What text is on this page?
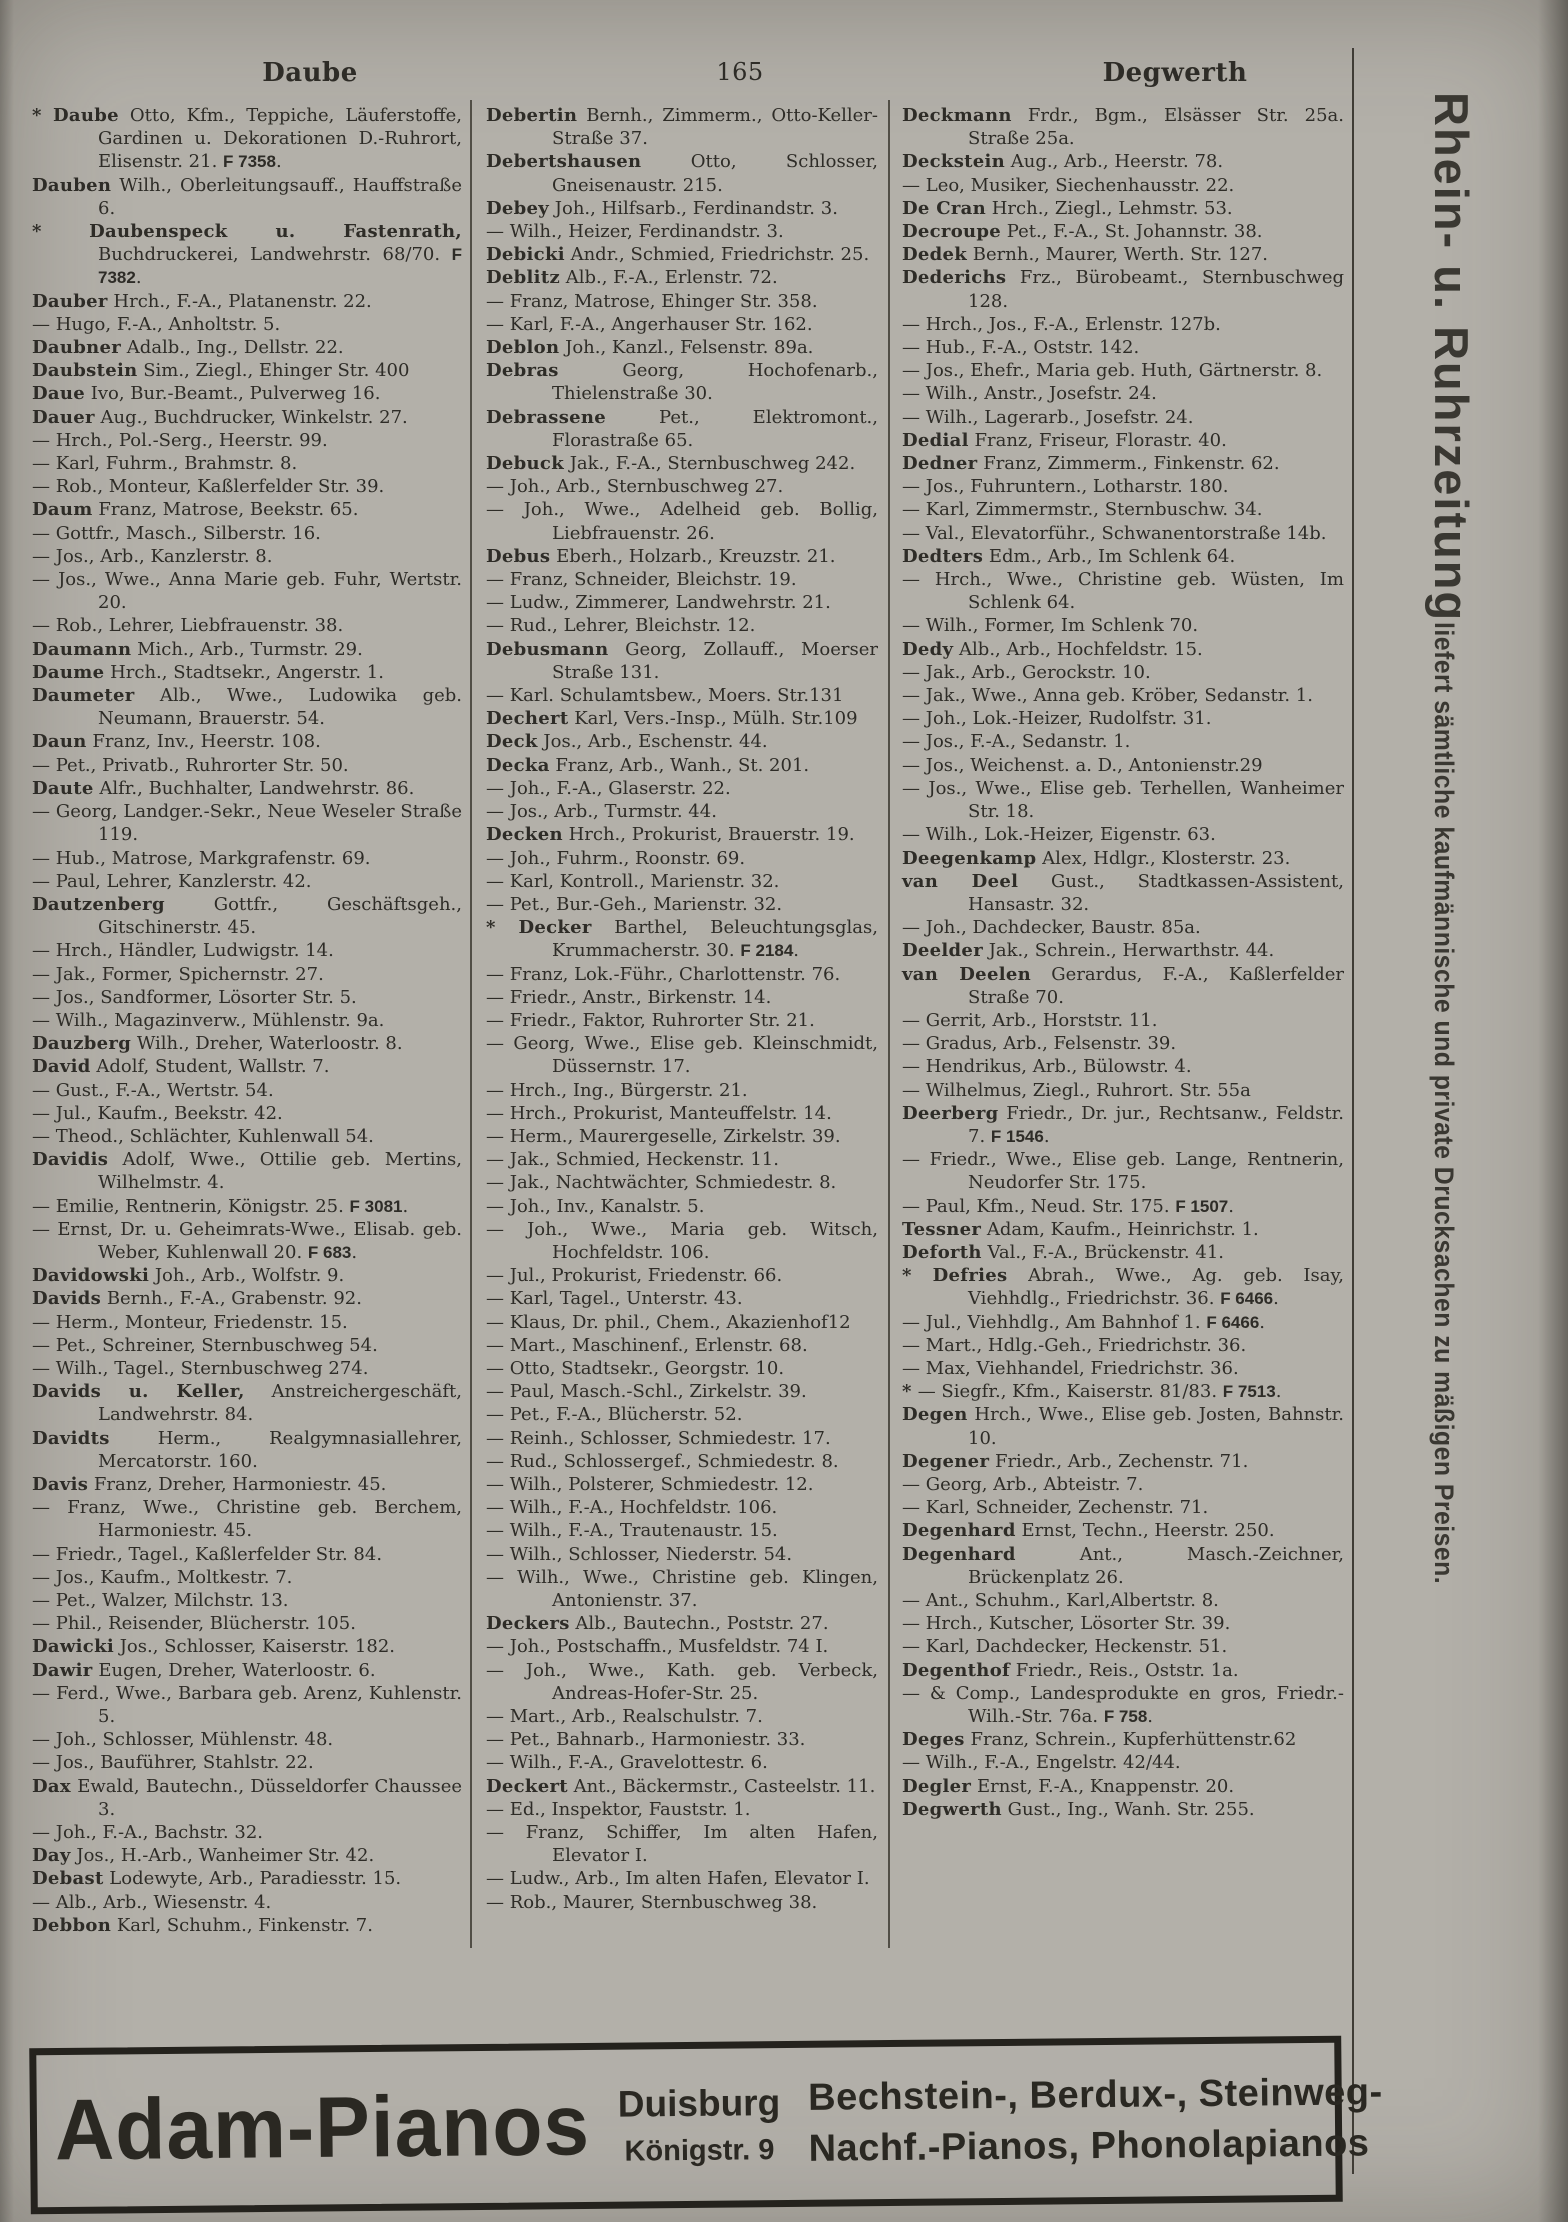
Daube	165	Degwerth

* Daube Otto, Kfm., Teppiche, Läuferstoffe, Gardinen u. Dekorationen D.-Ruhrort, Elisenstr. 21. F 7358.

Dauben Wilh., Oberleitungsauff., Hauffstraße 6.

* Daubenspeck u. Fastenrath, Buchdruckerei, Landwehrstr. 68/70. F 7382.

Dauber Hrch., F.-A., Platanenstr. 22.

— Hugo, F.-A., Anholtstr. 5.

Daubner Adalb., Ing., Dellstr. 22.

Daubstein Sim., Ziegl., Ehinger Str. 400

Daue Ivo, Bur.-Beamt., Pulverweg 16.

Dauer Aug., Buchdrucker, Winkelstr. 27.

— Hrch., Pol.-Serg., Heerstr. 99.

— Karl, Fuhrm., Brahmstr. 8.

— Rob., Monteur, Kaßlerfelder Str. 39.

Daum Franz, Matrose, Beekstr. 65.

— Gottfr., Masch., Silberstr. 16.

— Jos., Arb., Kanzlerstr. 8.

— Jos., Wwe., Anna Marie geb. Fuhr, Wertstr. 20.

— Rob., Lehrer, Liebfrauenstr. 38.

Daumann Mich., Arb., Turmstr. 29.

Daume Hrch., Stadtsekr., Angerstr. 1.

Daumeter Alb., Wwe., Ludowika geb. Neumann, Brauerstr. 54.

Daun Franz, Inv., Heerstr. 108.

— Pet., Privatb., Ruhrorter Str. 50.

Daute Alfr., Buchhalter, Landwehrstr. 86.

— Georg, Landger.-Sekr., Neue Weseler Straße 119.

— Hub., Matrose, Markgrafenstr. 69.

— Paul, Lehrer, Kanzlerstr. 42.

Dautzenberg Gottfr., Geschäftsgeh., Gitschinerstr. 45.

— Hrch., Händler, Ludwigstr. 14.

— Jak., Former, Spichernstr. 27.

— Jos., Sandformer, Lösorter Str. 5.

— Wilh., Magazinverw., Mühlenstr. 9a.

Dauzberg Wilh., Dreher, Waterloostr. 8.

David Adolf, Student, Wallstr. 7.

— Gust., F.-A., Wertstr. 54.

— Jul., Kaufm., Beekstr. 42.

— Theod., Schlächter, Kuhlenwall 54.

Davidis Adolf, Wwe., Ottilie geb. Mertins, Wilhelmstr. 4.

— Emilie, Rentnerin, Königstr. 25. F 3081.

— Ernst, Dr. u. Geheimrats-Wwe., Elisab. geb. Weber, Kuhlenwall 20. F 683.

Davidowski Joh., Arb., Wolfstr. 9.

Davids Bernh., F.-A., Grabenstr. 92.

— Herm., Monteur, Friedenstr. 15.

— Pet., Schreiner, Sternbuschweg 54.

— Wilh., Tagel., Sternbuschweg 274.

Davids u. Keller, Anstreichergeschäft, Landwehrstr. 84.

Davidts Herm., Realgymnasiallehrer, Mercatorstr. 160.

Davis Franz, Dreher, Harmoniestr. 45.

— Franz, Wwe., Christine geb. Berchem, Harmoniestr. 45.

— Friedr., Tagel., Kaßlerfelder Str. 84.

— Jos., Kaufm., Moltkestr. 7.

— Pet., Walzer, Milchstr. 13.

— Phil., Reisender, Blücherstr. 105.

Dawicki Jos., Schlosser, Kaiserstr. 182.

Dawir Eugen, Dreher, Waterloostr. 6.

— Ferd., Wwe., Barbara geb. Arenz, Kuhlenstr. 5.

— Joh., Schlosser, Mühlenstr. 48.

— Jos., Bauführer, Stahlstr. 22.

Dax Ewald, Bautechn., Düsseldorfer Chaussee 3.

— Joh., F.-A., Bachstr. 32.

Day Jos., H.-Arb., Wanheimer Str. 42.

Debast Lodewyte, Arb., Paradiesstr. 15.

— Alb., Arb., Wiesenstr. 4.

Debbon Karl, Schuhm., Finkenstr. 7.

Debertin Bernh., Zimmerm., Otto-Keller-Straße 37.

Debertshausen Otto, Schlosser, Gneisenaustr. 215.

Debey Joh., Hilfsarb., Ferdinandstr. 3.

— Wilh., Heizer, Ferdinandstr. 3.

Debicki Andr., Schmied, Friedrichstr. 25.

Deblitz Alb., F.-A., Erlenstr. 72.

— Franz, Matrose, Ehinger Str. 358.

— Karl, F.-A., Angerhauser Str. 162.

Deblon Joh., Kanzl., Felsenstr. 89a.

Debras Georg, Hochofenarb., Thielenstraße 30.

Debrassene Pet., Elektromont., Florastraße 65.

Debuck Jak., F.-A., Sternbuschweg 242.

— Joh., Arb., Sternbuschweg 27.

— Joh., Wwe., Adelheid geb. Bollig, Liebfrauenstr. 26.

Debus Eberh., Holzarb., Kreuzstr. 21.

— Franz, Schneider, Bleichstr. 19.

— Ludw., Zimmerer, Landwehrstr. 21.

— Rud., Lehrer, Bleichstr. 12.

Debusmann Georg, Zollauff., Moerser Straße 131.

— Karl. Schulamtsbew., Moers. Str.131

Dechert Karl, Vers.-Insp., Mülh. Str.109

Deck Jos., Arb., Eschenstr. 44.

Decka Franz, Arb., Wanh., St. 201.

— Joh., F.-A., Glaserstr. 22.

— Jos., Arb., Turmstr. 44.

Decken Hrch., Prokurist, Brauerstr. 19.

— Joh., Fuhrm., Roonstr. 69.

— Karl, Kontroll., Marienstr. 32.

— Pet., Bur.-Geh., Marienstr. 32.

* Decker Barthel, Beleuchtungsglas, Krummacherstr. 30. F 2184.

— Franz, Lok.-Führ., Charlottenstr. 76.

— Friedr., Anstr., Birkenstr. 14.

— Friedr., Faktor, Ruhrorter Str. 21.

— Georg, Wwe., Elise geb. Kleinschmidt, Düssernstr. 17.

— Hrch., Ing., Bürgerstr. 21.

— Hrch., Prokurist, Manteuffelstr. 14.

— Herm., Maurergeselle, Zirkelstr. 39.

— Jak., Schmied, Heckenstr. 11.

— Jak., Nachtwächter, Schmiedestr. 8.

— Joh., Inv., Kanalstr. 5.

— Joh., Wwe., Maria geb. Witsch, Hochfeldstr. 106.

— Jul., Prokurist, Friedenstr. 66.

— Karl, Tagel., Unterstr. 43.

— Klaus, Dr. phil., Chem., Akazienhof12

— Mart., Maschinenf., Erlenstr. 68.

— Otto, Stadtsekr., Georgstr. 10.

— Paul, Masch.-Schl., Zirkelstr. 39.

— Pet., F.-A., Blücherstr. 52.

— Reinh., Schlosser, Schmiedestr. 17.

— Rud., Schlossergef., Schmiedestr. 8.

— Wilh., Polsterer, Schmiedestr. 12.

— Wilh., F.-A., Hochfeldstr. 106.

— Wilh., F.-A., Trautenaustr. 15.

— Wilh., Schlosser, Niederstr. 54.

— Wilh., Wwe., Christine geb. Klingen, Antonienstr. 37.

Deckers Alb., Bautechn., Poststr. 27.

— Joh., Postschaffn., Musfeldstr. 74 I.

— Joh., Wwe., Kath. geb. Verbeck, Andreas-Hofer-Str. 25.

— Mart., Arb., Realschulstr. 7.

— Pet., Bahnarb., Harmoniestr. 33.

— Wilh., F.-A., Gravelottestr. 6.

Deckert Ant., Bäckermstr., Casteelstr. 11.

— Ed., Inspektor, Fauststr. 1.

— Franz, Schiffer, Im alten Hafen, Elevator I.

— Ludw., Arb., Im alten Hafen, Elevator I.

— Rob., Maurer, Sternbuschweg 38.

Deckmann Frdr., Bgm., Elsässer Str. 25a. Straße 25a.

Deckstein Aug., Arb., Heerstr. 78.

— Leo, Musiker, Siechenhausstr. 22.

De Cran Hrch., Ziegl., Lehmstr. 53.

Decroupe Pet., F.-A., St. Johannstr. 38.

Dedek Bernh., Maurer, Werth. Str. 127.

Dederichs Frz., Bürobeamt., Sternbuschweg 128.

— Hrch., Jos., F.-A., Erlenstr. 127b.

— Hub., F.-A., Oststr. 142.

— Jos., Ehefr., Maria geb. Huth, Gärtnerstr. 8.

— Wilh., Anstr., Josefstr. 24.

— Wilh., Lagerarb., Josefstr. 24.

Dedial Franz, Friseur, Florastr. 40.

Dedner Franz, Zimmerm., Finkenstr. 62.

— Jos., Fuhruntern., Lotharstr. 180.

— Karl, Zimmermstr., Sternbuschw. 34.

— Val., Elevatorführ., Schwanentorstraße 14b.

Dedters Edm., Arb., Im Schlenk 64.

— Hrch., Wwe., Christine geb. Wüsten, Im Schlenk 64.

— Wilh., Former, Im Schlenk 70.

Dedy Alb., Arb., Hochfeldstr. 15.

— Jak., Arb., Gerockstr. 10.

— Jak., Wwe., Anna geb. Kröber, Sedanstr. 1.

— Joh., Lok.-Heizer, Rudolfstr. 31.

— Jos., F.-A., Sedanstr. 1.

— Jos., Weichenst. a. D., Antonienstr.29

— Jos., Wwe., Elise geb. Terhellen, Wanheimer Str. 18.

— Wilh., Lok.-Heizer, Eigenstr. 63.

Deegenkamp Alex, Hdlgr., Klosterstr. 23.

van Deel Gust., Stadtkassen-Assistent, Hansastr. 32.

— Joh., Dachdecker, Baustr. 85a.

Deelder Jak., Schrein., Herwarthstr. 44.

van Deelen Gerardus, F.-A., Kaßlerfelder Straße 70.

— Gerrit, Arb., Horststr. 11.

— Gradus, Arb., Felsenstr. 39.

— Hendrikus, Arb., Bülowstr. 4.

— Wilhelmus, Ziegl., Ruhrort. Str. 55a

Deerberg Friedr., Dr. jur., Rechtsanw., Feldstr. 7. F 1546.

— Friedr., Wwe., Elise geb. Lange, Rentnerin, Neudorfer Str. 175.

— Paul, Kfm., Neud. Str. 175. F 1507.

Tessner Adam, Kaufm., Heinrichstr. 1.

Deforth Val., F.-A., Brückenstr. 41.

* Defries Abrah., Wwe., Ag. geb. Isay, Viehhdlg., Friedrichstr. 36. F 6466.

— Jul., Viehhdlg., Am Bahnhof 1. F 6466.

— Mart., Hdlg.-Geh., Friedrichstr. 36.

— Max, Viehhandel, Friedrichstr. 36.

* — Siegfr., Kfm., Kaiserstr. 81/83. F 7513.

Degen Hrch., Wwe., Elise geb. Josten, Bahnstr. 10.

Degener Friedr., Arb., Zechenstr. 71.

— Georg, Arb., Abteistr. 7.

— Karl, Schneider, Zechenstr. 71.

Degenhard Ernst, Techn., Heerstr. 250.

Degenhard Ant., Masch.-Zeichner, Brückenplatz 26.

— Ant., Schuhm., Karl,Albertstr. 8.

— Hrch., Kutscher, Lösorter Str. 39.

— Karl, Dachdecker, Heckenstr. 51.

Degenthof Friedr., Reis., Oststr. 1a.

— & Comp., Landesprodukte en gros, Friedr.-Wilh.-Str. 76a. F 758.

Deges Franz, Schrein., Kupferhüttenstr.62

— Wilh., F.-A., Engelstr. 42/44.

Degler Ernst, F.-A., Knappenstr. 20.

Degwerth Gust., Ing., Wanh. Str. 255.

Rhein- u. Ruhrzeitungliefert sämtliche kaufmännische und private Drucksachen zu mäßigen Preisen.
Adam-Pianos Duisburg
Königstr. 9
Bechstein-, Berdux-, Steinweg-
Nachf.-Pianos, Phonolapianos
